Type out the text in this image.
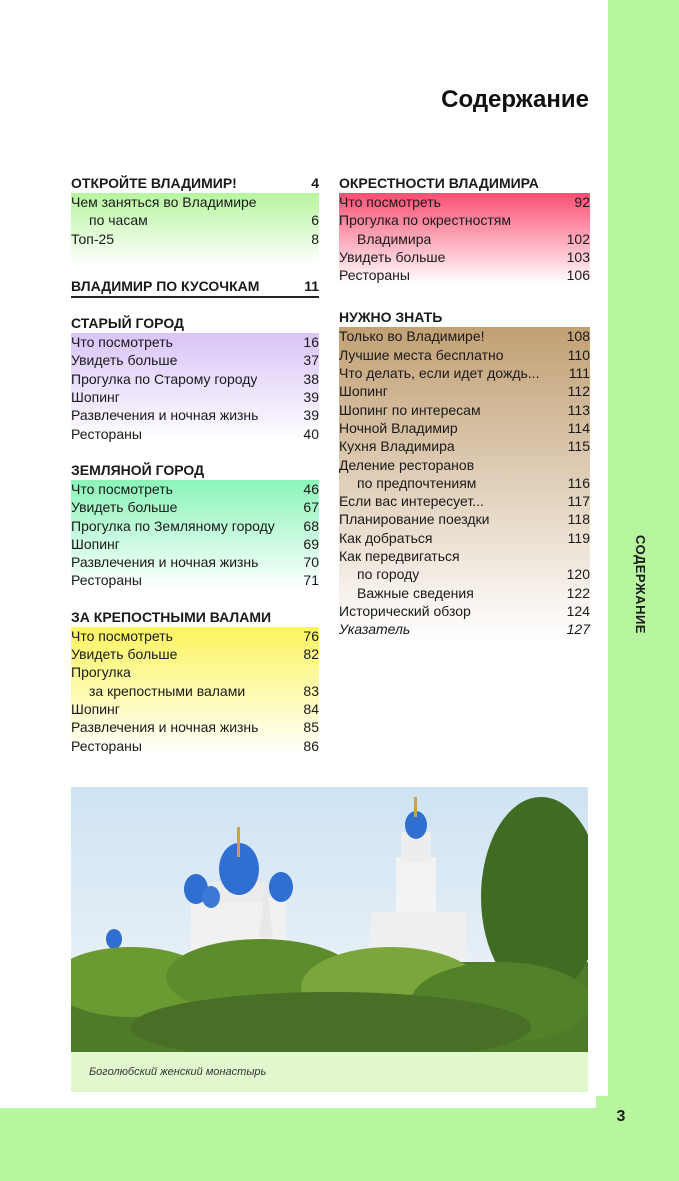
3
СОДЕРЖАНИЕ
Содержание
ОТКРОЙТЕ ВЛАДИМИР!	4
Чем заняться во Владимире
по часам	6
Топ-25	8
ВЛАДИМИР ПО КУСОЧКАМ	11
СТАРЫЙ ГОРОД
Что посмотреть	16
Увидеть больше	37
Прогулка по Старому городу	38
Шопинг	39
Развлечения и ночная жизнь	39
Рестораны	40
ЗЕМЛЯНОЙ ГОРОД
Что посмотреть	46
Увидеть больше	67
Прогулка по Земляному городу 68
Шопинг	69
Развлечения и ночная жизнь	70
Рестораны	71
ЗА КРЕПОСТНЫМИ ВАЛАМИ
Что посмотреть	76
Увидеть больше	82
Прогулка
за крепостными валами	83
Шопинг	84
Развлечения и ночная жизнь	85
Рестораны	86
ОКРЕСТНОСТИ ВЛАДИМИРА
Что посмотреть	92
Прогулка по окрестностям
Владимира	102
Увидеть больше	103
Рестораны	106
НУЖНО ЗНАТЬ
Только во Владимире!	108
Лучшие места бесплатно	110
Что делать, если идет дождь... 111
Шопинг	112
Шопинг по интересам	113
Ночной Владимир	114
Кухня Владимира	115
Деление ресторанов
по предпочтениям	116
Если вас интересует...	117
Планирование поездки	118
Как добраться	119
Как передвигаться
по городу	120
Важные сведения	122
Исторический обзор	124
Указатель	127
Боголюбский женский монастырь
